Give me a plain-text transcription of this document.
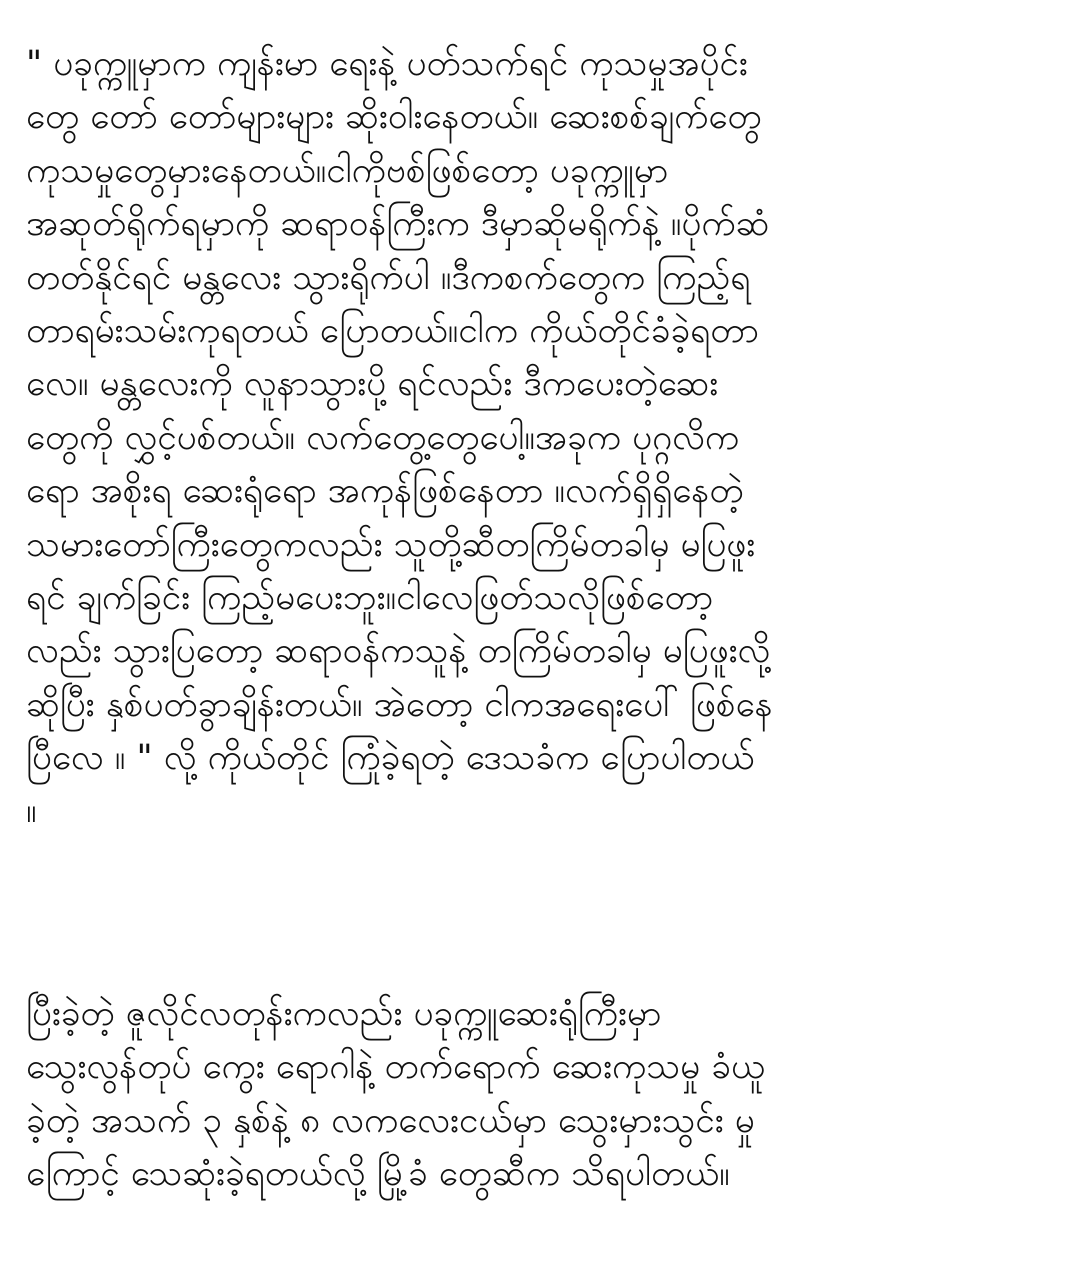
" ပခုက္ကူမှာက ကျန်းမာ ရေးနဲ့ ပတ်သက်ရင် ကုသမှုအပိုင်း
တွေ တော် တော်များများ ဆိုးဝါးနေတယ်။ ဆေးစစ်ချက်တွေ
ကုသမှုတွေမှားနေတယ်။ငါကိုဗစ်ဖြစ်တော့ ပခုက္ကူမှာ
အဆုတ်ရိုက်ရမှာကို ဆရာဝန်ကြီးက ဒီမှာဆိုမရိုက်နဲ့ ။ပိုက်ဆံ
တတ်နိုင်ရင် မန္တလေး သွားရိုက်ပါ ။ဒီကစက်တွေက ကြည့်ရ
တာရမ်းသမ်းကုရတယ် ပြောတယ်။ငါက ကိုယ်တိုင်ခံခဲ့ရတာ
လေ။ မန္တလေးကို လူနာသွားပို့ ရင်လည်း ဒီကပေးတဲ့ဆေး
တွေကို လွှင့်ပစ်တယ်။ လက်တွေ့တွေပေါ့။အခုက ပုဂ္ဂလိက
ရော အစိုးရ ဆေးရုံရော အကုန်ဖြစ်နေတာ ။လက်ရှိရှိနေတဲ့
သမားတော်ကြီးတွေကလည်း သူတို့ဆီတကြိမ်တခါမှ မပြဖူး
ရင် ချက်ခြင်း ကြည့်မပေးဘူး။ငါလေဖြတ်သလိုဖြစ်တော့
လည်း သွားပြတော့ ဆရာဝန်ကသူနဲ့ တကြိမ်တခါမှ မပြဖူးလို့
ဆိုပြီး နှစ်ပတ်ခွာချိန်းတယ်။ အဲတော့ ငါကအရေးပေါ် ဖြစ်နေ
ပြီလေ ။ " လို့ ကိုယ်တိုင် ကြုံခဲ့ရတဲ့ ဒေသခံက ပြောပါတယ်
။
ပြီးခဲ့တဲ့ ဇူလိုင်လတုန်းကလည်း ပခုက္ကူဆေးရုံကြီးမှာ
သွေးလွန်တုပ် ကွေး ရောဂါနဲ့ တက်ရောက် ဆေးကုသမှု ခံယူ
ခဲ့တဲ့ အသက် ၃ နှစ်နဲ့ ၈ လကလေးငယ်မှာ သွေးမှားသွင်း မှု
ကြောင့် သေဆုံးခဲ့ရတယ်လို့ မြို့ခံ တွေဆီက သိရပါတယ်။
